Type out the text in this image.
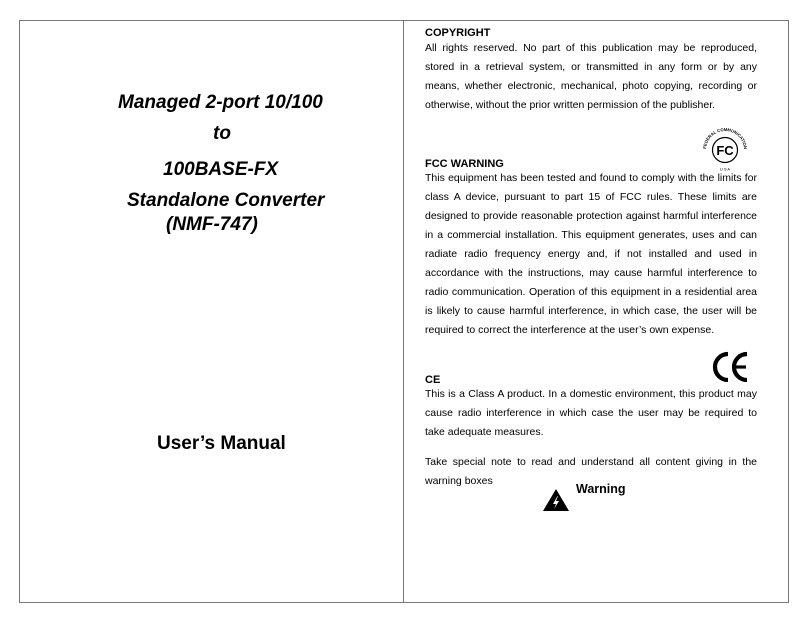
Managed 2-port 10/100
to
100BASE-FX
Standalone Converter
(NMF-747)
User’s Manual
COPYRIGHT
All rights reserved. No part of this publication may be reproduced, stored in a retrieval system, or transmitted in any form or by any means, whether electronic, mechanical, photo copying, recording or otherwise, without the prior written permission of the publisher.
FCC WARNING
This equipment has been tested and found to comply with the limits for class A device, pursuant to part 15 of FCC rules. These limits are designed to provide reasonable protection against harmful interference in a commercial installation. This equipment generates, uses and can radiate radio frequency energy and, if not installed and used in accordance with the instructions, may cause harmful interference to radio communication. Operation of this equipment in a residential area is likely to cause harmful interference, in which case, the user will be required to correct the interference at the user’s own expense.
CE
This is a Class A product. In a domestic environment, this product may cause radio interference in which case the user may be required to take adequate measures.
Take special note to read and understand all content giving in the warning boxes
FEDERAL COMMUNICATION
FC
U S A
CE
Warning
